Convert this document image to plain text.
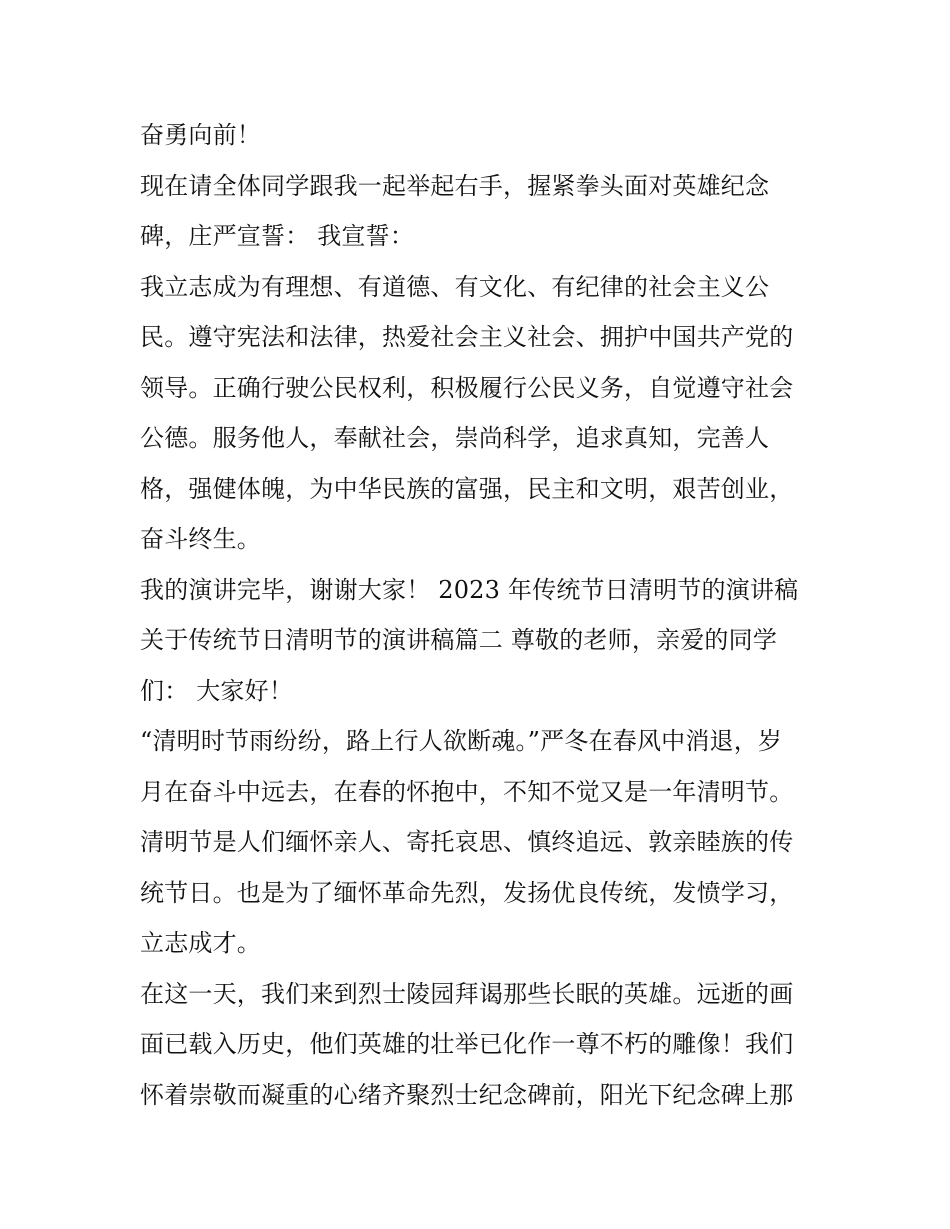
奋勇向前！
现在请全体同学跟我一起举起右手，握紧拳头面对英雄纪念
碑，庄严宣誓： 我宣誓：
我立志成为有理想、有道德、有文化、有纪律的社会主义公
民。遵守宪法和法律，热爱社会主义社会、拥护中国共产党的
领导。正确行驶公民权利，积极履行公民义务，自觉遵守社会
公德。服务他人，奉献社会，崇尚科学，追求真知，完善人
格，强健体魄，为中华民族的富强，民主和文明，艰苦创业，
奋斗终生。
我的演讲完毕，谢谢大家！ 2023 年传统节日清明节的演讲稿
关于传统节日清明节的演讲稿篇二 尊敬的老师，亲爱的同学
们： 大家好！
“清明时节雨纷纷，路上行人欲断魂。”严冬在春风中消退，岁
月在奋斗中远去，在春的怀抱中，不知不觉又是一年清明节。
清明节是人们缅怀亲人、寄托哀思、慎终追远、敦亲睦族的传
统节日。也是为了缅怀革命先烈，发扬优良传统，发愤学习，
立志成才。
在这一天，我们来到烈士陵园拜谒那些长眠的英雄。远逝的画
面已载入历史，他们英雄的壮举已化作一尊不朽的雕像！我们
怀着崇敬而凝重的心绪齐聚烈士纪念碑前，阳光下纪念碑上那
